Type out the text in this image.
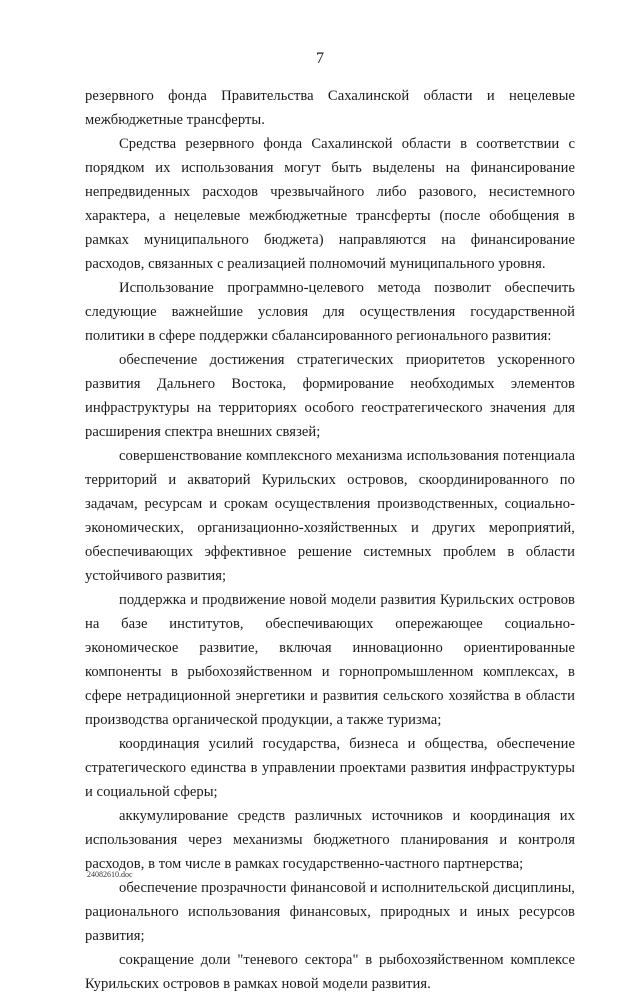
7

резервного фонда Правительства Сахалинской области и нецелевые межбюджетные трансферты.

Средства резервного фонда Сахалинской области в соответствии с порядком их использования могут быть выделены на финансирование непредвиденных расходов чрезвычайного либо разового, несистемного характера, а нецелевые межбюджетные трансферты (после обобщения в рамках муниципального бюджета) направляются на финансирование расходов, связанных с реализацией полномочий муниципального уровня.

Использование программно-целевого метода позволит обеспечить следующие важнейшие условия для осуществления государственной политики в сфере поддержки сбалансированного регионального развития:

обеспечение достижения стратегических приоритетов ускоренного развития Дальнего Востока, формирование необходимых элементов инфраструктуры на территориях особого геостратегического значения для расширения спектра внешних связей;

совершенствование комплексного механизма использования потенциала территорий и акваторий Курильских островов, скоординированного по задачам, ресурсам и срокам осуществления производственных, социально-экономических, организационно-хозяйственных и других мероприятий, обеспечивающих эффективное решение системных проблем в области устойчивого развития;

поддержка и продвижение новой модели развития Курильских островов на базе институтов, обеспечивающих опережающее социально-экономическое развитие, включая инновационно ориентированные компоненты в рыбохозяйственном и горнопромышленном комплексах, в сфере нетрадиционной энергетики и развития сельского хозяйства в области производства органической продукции, а также туризма;

координация усилий государства, бизнеса и общества, обеспечение стратегического единства в управлении проектами развития инфраструктуры и социальной сферы;

аккумулирование средств различных источников и координация их использования через механизмы бюджетного планирования и контроля расходов, в том числе в рамках государственно-частного партнерства;

обеспечение прозрачности финансовой и исполнительской дисциплины, рационального использования финансовых, природных и иных ресурсов развития;

сокращение доли "теневого сектора" в рыбохозяйственном комплексе Курильских островов в рамках новой модели развития.

24082610.doc
